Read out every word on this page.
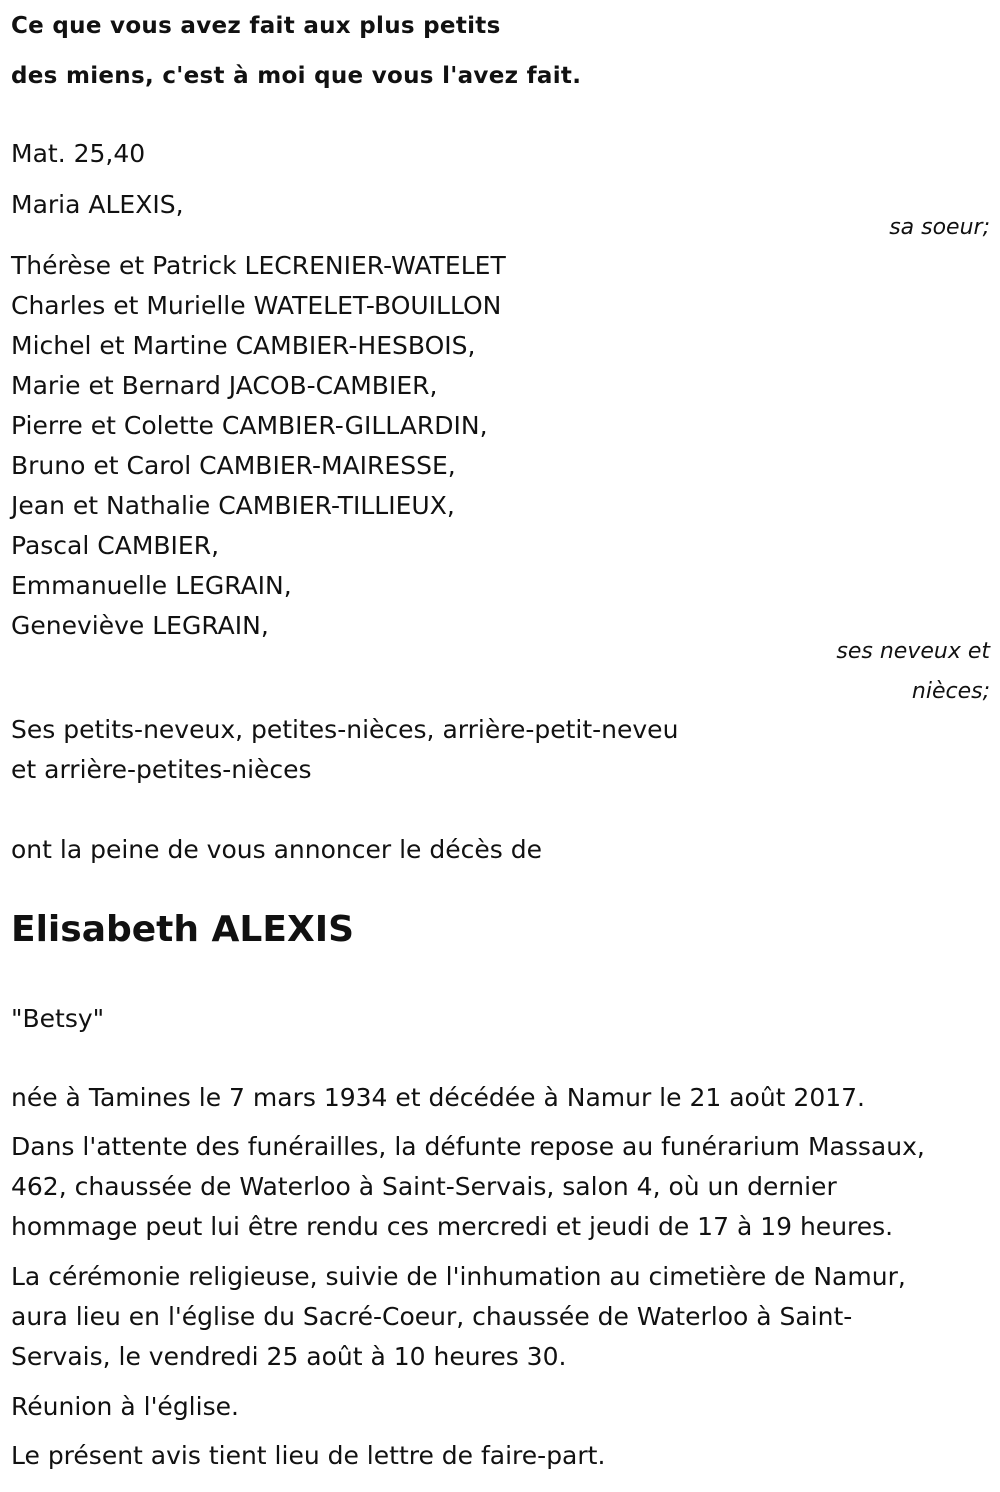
Ce que vous avez fait aux plus petits

des miens, c'est à moi que vous l'avez fait.

Mat. 25,40

Maria ALEXIS,

sa soeur;

Thérèse et Patrick LECRENIER-WATELET
Charles et Murielle WATELET-BOUILLON
Michel et Martine CAMBIER-HESBOIS,
Marie et Bernard JACOB-CAMBIER,
Pierre et Colette CAMBIER-GILLARDIN,
Bruno et Carol CAMBIER-MAIRESSE,
Jean et Nathalie CAMBIER-TILLIEUX,
Pascal CAMBIER,
Emmanuelle LEGRAIN,
Geneviève LEGRAIN,

ses neveux et

nièces;

Ses petits-neveux, petites-nièces, arrière-petit-neveu

et arrière-petites-nièces

ont la peine de vous annoncer le décès de

Elisabeth ALEXIS

"Betsy"

née à Tamines le 7 mars 1934 et décédée à Namur le 21 août 2017.

Dans l'attente des funérailles, la défunte repose au funérarium Massaux,

462, chaussée de Waterloo à Saint-Servais, salon 4, où un dernier

hommage peut lui être rendu ces mercredi et jeudi de 17 à 19 heures.

La cérémonie religieuse, suivie de l'inhumation au cimetière de Namur,

aura lieu en l'église du Sacré-Coeur, chaussée de Waterloo à Saint-

Servais, le vendredi 25 août à 10 heures 30.

Réunion à l'église.

Le présent avis tient lieu de lettre de faire-part.
